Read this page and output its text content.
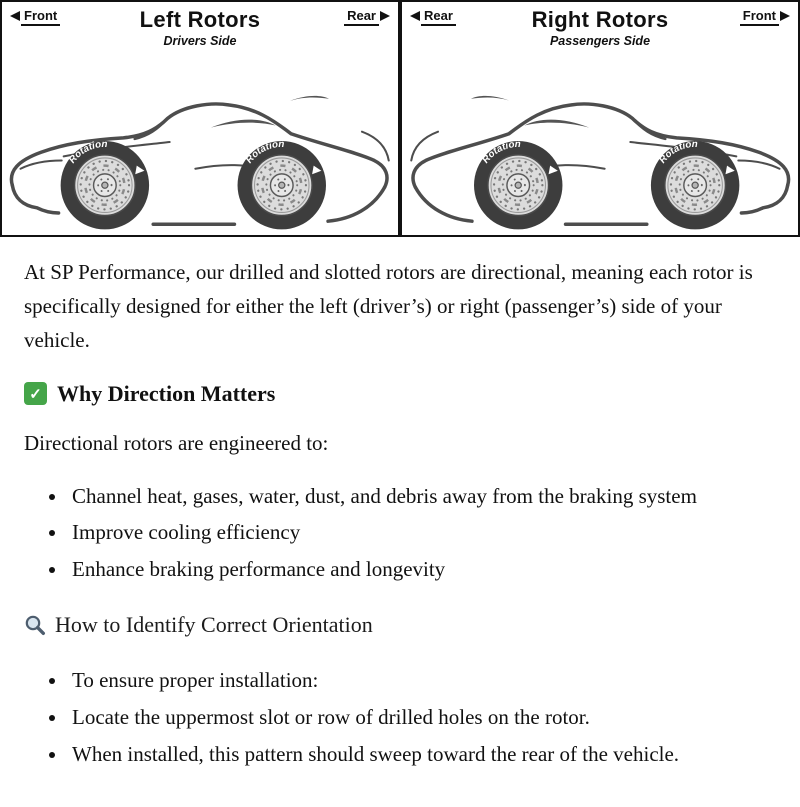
Front	Rear
Left Rotors
Drivers Side
Rear	Front
Right Rotors
Passengers Side

At SP Performance, our drilled and slotted rotors are directional, meaning each rotor is specifically designed for either the left (driver’s) or right (passenger’s) side of your vehicle.

✓ Why Direction Matters

Directional rotors are engineered to:

• Channel heat, gases, water, dust, and debris away from the braking system
• Improve cooling efficiency
• Enhance braking performance and longevity
How to Identify Correct Orientation
• To ensure proper installation:
• Locate the uppermost slot or row of drilled holes on the rotor.
• When installed, this pattern should sweep toward the rear of the vehicle.
